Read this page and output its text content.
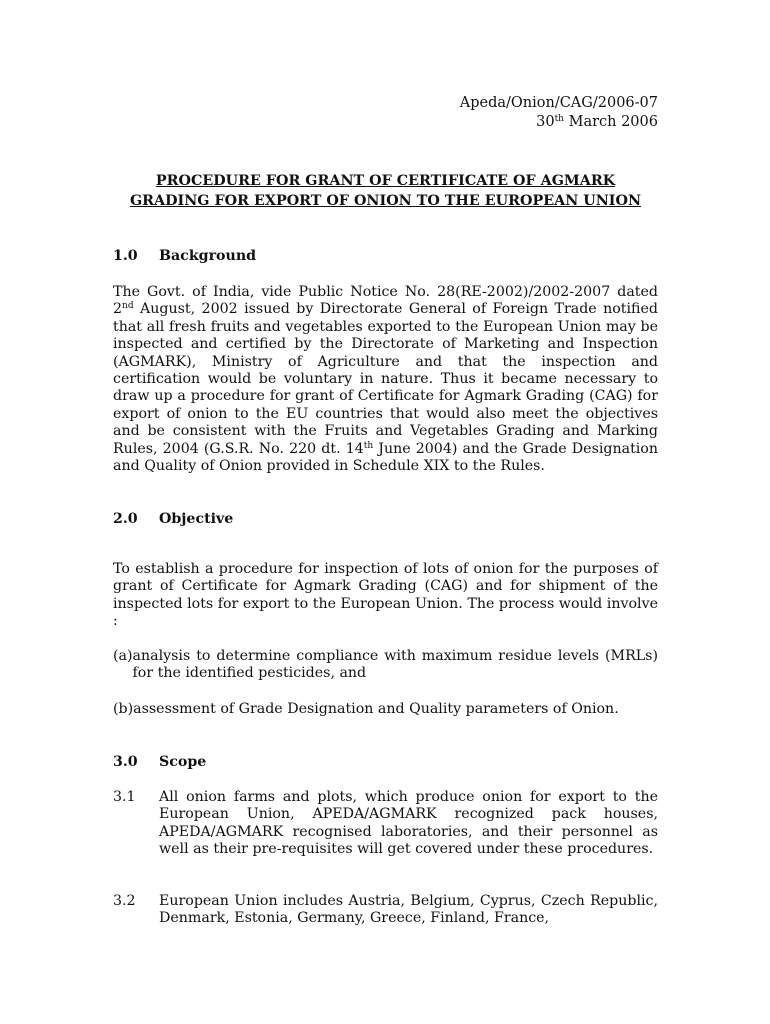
Apeda/Onion/CAG/2006-07
30th March 2006
PROCEDURE FOR GRANT OF CERTIFICATE OF AGMARK
GRADING FOR EXPORT OF ONION TO THE EUROPEAN UNION
1.0 Background
The Govt. of India, vide Public Notice No. 28(RE-2002)/2002-2007 dated 2nd August, 2002 issued by Directorate General of Foreign Trade notified that all fresh fruits and vegetables exported to the European Union may be inspected and certified by the Directorate of Marketing and Inspection (AGMARK), Ministry of Agriculture and that the inspection and certification would be voluntary in nature. Thus it became necessary to draw up a procedure for grant of Certificate for Agmark Grading (CAG) for export of onion to the EU countries that would also meet the objectives and be consistent with the Fruits and Vegetables Grading and Marking Rules, 2004 (G.S.R. No. 220 dt. 14th June 2004) and the Grade Designation and Quality of Onion provided in Schedule XIX to the Rules.
2.0 Objective
To establish a procedure for inspection of lots of onion for the purposes of grant of Certificate for Agmark Grading (CAG) and for shipment of the inspected lots for export to the European Union. The process would involve :
(a) analysis to determine compliance with maximum residue levels (MRLs) for the identified pesticides, and
(b) assessment of Grade Designation and Quality parameters of Onion.
3.0 Scope
3.1	All onion farms and plots, which produce onion for export to the European Union, APEDA/AGMARK recognized pack houses, APEDA/AGMARK recognised laboratories, and their personnel as well as their pre-requisites will get covered under these procedures.
3.2	European Union includes Austria, Belgium, Cyprus, Czech Republic, Denmark, Estonia, Germany, Greece, Finland, France,
